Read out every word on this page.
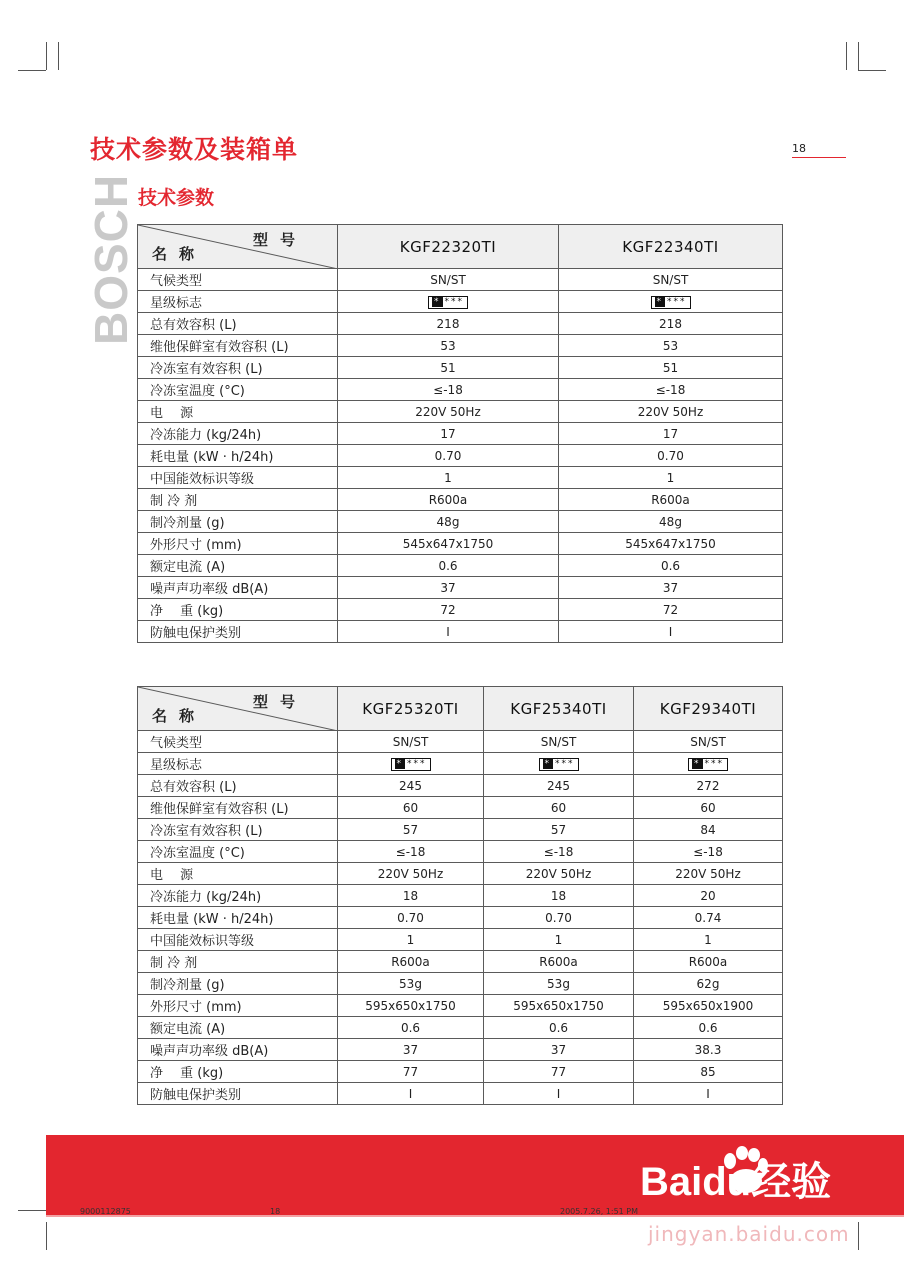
技术参数及装箱单	18
技术参数
BOSCH	型号
名称	KGF22320TI	KGF22340TI
气候类型	SN/ST	SN/ST
星级标志	* ***	* ***
总有效容积 (L)	218	218
维他保鲜室有效容积 (L)	53	53
冷冻室有效容积 (L)	51	51
冷冻室温度 (°C)	≤-18	≤-18
电　 源	220V 50Hz	220V 50Hz
冷冻能力 (kg/24h)	17	17
耗电量 (kW · h/24h)	0.70	0.70
中国能效标识等级	1	1
制 冷 剂	R600a	R600a
制冷剂量 (g)	48g	48g
外形尺寸 (mm)	545x647x1750	545x647x1750
额定电流 (A)	0.6	0.6
噪声声功率级 dB(A)	37	37
净　 重 (kg)	72	72
防触电保护类别	I	I
型号
名称	KGF25320TI	KGF25340TI	KGF29340TI
气候类型	SN/ST	SN/ST	SN/ST
星级标志	* ***	* ***	* ***
总有效容积 (L)	245	245	272
维他保鲜室有效容积 (L)	60	60	60
冷冻室有效容积 (L)	57	57	84
冷冻室温度 (°C)	≤-18	≤-18	≤-18
电　 源	220V 50Hz	220V 50Hz	220V 50Hz
冷冻能力 (kg/24h)	18	18	20
耗电量 (kW · h/24h)	0.70	0.70	0.74
中国能效标识等级	1	1	1
制 冷 剂	R600a	R600a	R600a
制冷剂量 (g)	53g	53g	62g
外形尺寸 (mm)	595x650x1750	595x650x1750	595x650x1900
额定电流 (A)	0.6	0.6	0.6
噪声声功率级 dB(A)	37	37	38.3
净　 重 (kg)	77	77	85
防触电保护类别	I	I	I
9000112875	18	2005.7.26, 1:51 PM
Baidu经验
jingyan.baidu.com
